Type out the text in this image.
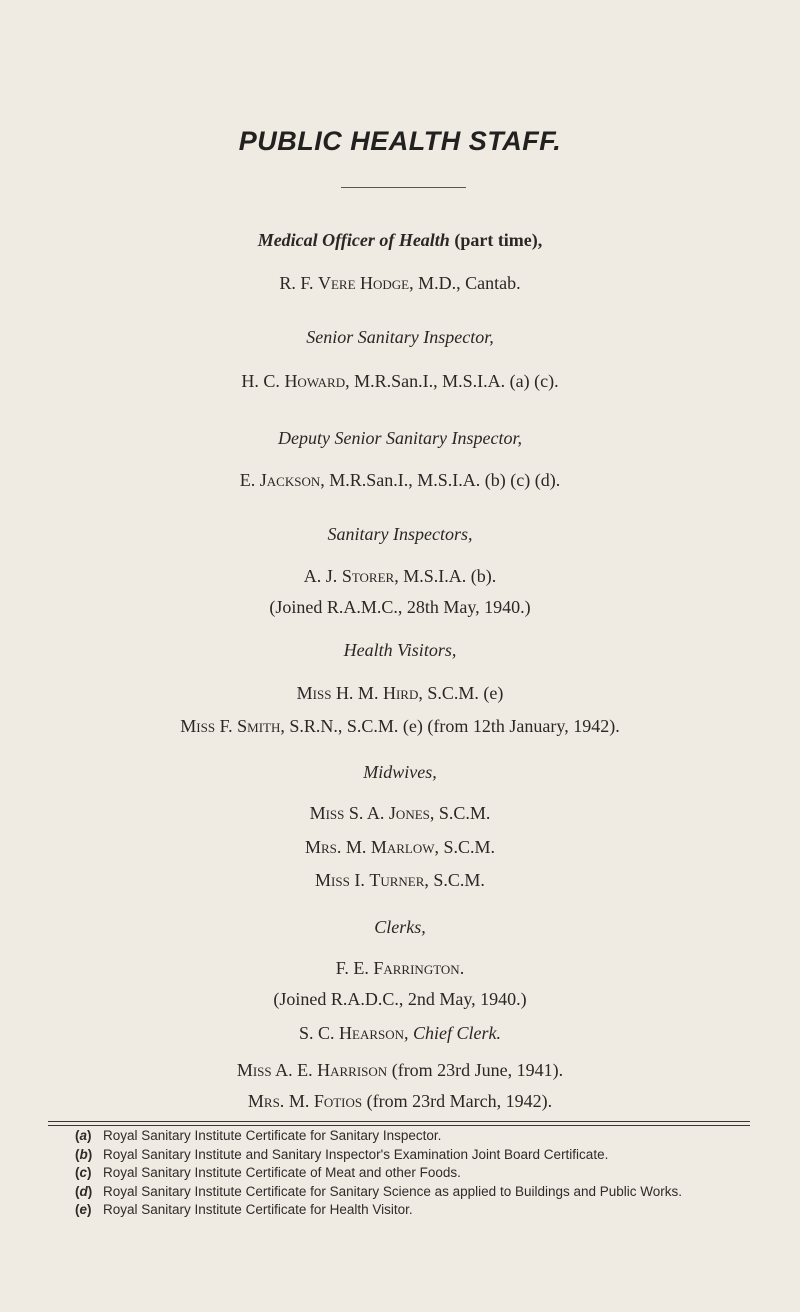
PUBLIC HEALTH STAFF.
Medical Officer of Health (part time),
R. F. Vere Hodge, M.D., Cantab.
Senior Sanitary Inspector,
H. C. Howard, M.R.San.I., M.S.I.A. (a) (c).
Deputy Senior Sanitary Inspector,
E. Jackson, M.R.San.I., M.S.I.A. (b) (c) (d).
Sanitary Inspectors,
A. J. Storer, M.S.I.A. (b).
(Joined R.A.M.C., 28th May, 1940.)
Health Visitors,
Miss H. M. Hird, S.C.M. (e)
Miss F. Smith, S.R.N., S.C.M. (e) (from 12th January, 1942).
Midwives,
Miss S. A. Jones, S.C.M.
Mrs. M. Marlow, S.C.M.
Miss I. Turner, S.C.M.
Clerks,
F. E. Farrington.
(Joined R.A.D.C., 2nd May, 1940.)
S. C. Hearson, Chief Clerk.
Miss A. E. Harrison (from 23rd June, 1941).
Mrs. M. Fotios (from 23rd March, 1942).
(a) Royal Sanitary Institute Certificate for Sanitary Inspector.
(b) Royal Sanitary Institute and Sanitary Inspector's Examination Joint Board Certificate.
(c) Royal Sanitary Institute Certificate of Meat and other Foods.
(d) Royal Sanitary Institute Certificate for Sanitary Science as applied to Buildings and Public Works.
(e) Royal Sanitary Institute Certificate for Health Visitor.
